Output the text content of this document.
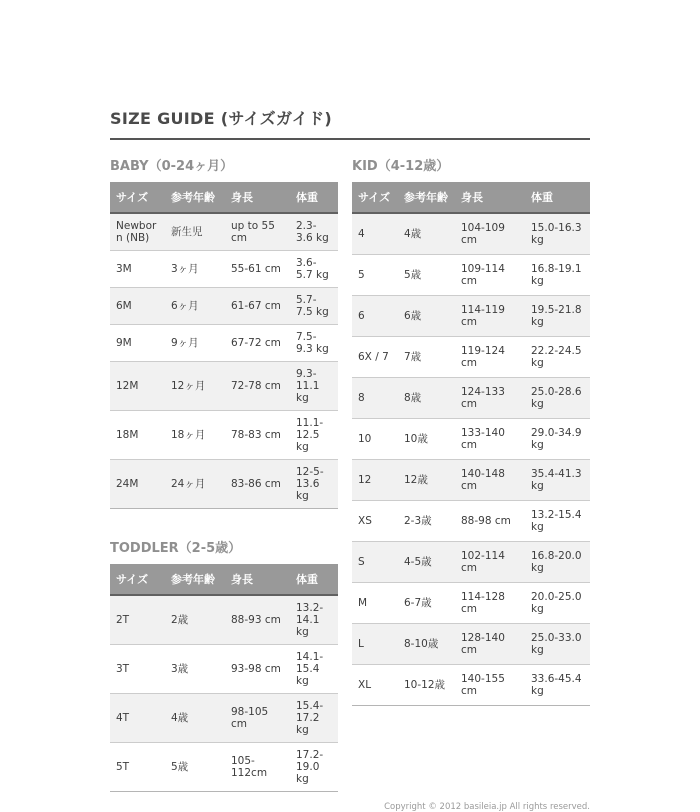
SIZE GUIDE (サイズガイド)
BABY（0-24ヶ月）
サイズ	参考年齢	身長	体重
Newborn (NB)	新生児	up to 55 cm	2.3-3.6 kg
3M	3ヶ月	55-61 cm	3.6-5.7 kg
6M	6ヶ月	61-67 cm	5.7-7.5 kg
9M	9ヶ月	67-72 cm	7.5-9.3 kg
12M	12ヶ月	72-78 cm	9.3-11.1 kg
18M	18ヶ月	78-83 cm	11.1-12.5 kg
24M	24ヶ月	83-86 cm	12-5-13.6 kg
TODDLER（2-5歳）
サイズ	参考年齢	身長	体重
2T	2歳	88-93 cm	13.2-14.1 kg
3T	3歳	93-98 cm	14.1-15.4 kg
4T	4歳	98-105 cm	15.4-17.2 kg
5T	5歳	105-112cm	17.2-19.0 kg
KID（4-12歳）
サイズ	参考年齢	身長	体重
4	4歳	104-109 cm	15.0-16.3 kg
5	5歳	109-114 cm	16.8-19.1 kg
6	6歳	114-119 cm	19.5-21.8 kg
6X / 7	7歳	119-124 cm	22.2-24.5 kg
8	8歳	124-133 cm	25.0-28.6 kg
10	10歳	133-140 cm	29.0-34.9 kg
12	12歳	140-148 cm	35.4-41.3 kg
XS	2-3歳	88-98 cm	13.2-15.4 kg
S	4-5歳	102-114 cm	16.8-20.0 kg
M	6-7歳	114-128 cm	20.0-25.0 kg
L	8-10歳	128-140 cm	25.0-33.0 kg
XL	10-12歳	140-155 cm	33.6-45.4 kg
Copyright © 2012 basileia.jp All rights reserved.
